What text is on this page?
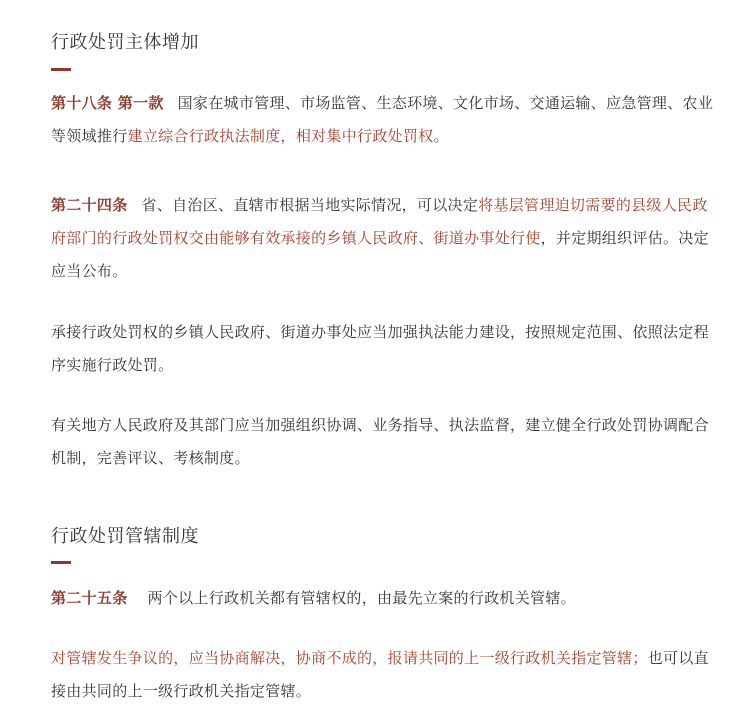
行政处罚主体增加

第十八条 第一款 国家在城市管理、市场监管、生态环境、文化市场、交通运输、应急管理、农业等领域推行建立综合行政执法制度，相对集中行政处罚权。

第二十四条 省、自治区、直辖市根据当地实际情况，可以决定将基层管理迫切需要的县级人民政府部门的行政处罚权交由能够有效承接的乡镇人民政府、街道办事处行使，并定期组织评估。决定应当公布。

承接行政处罚权的乡镇人民政府、街道办事处应当加强执法能力建设，按照规定范围、依照法定程序实施行政处罚。

有关地方人民政府及其部门应当加强组织协调、业务指导、执法监督，建立健全行政处罚协调配合机制，完善评议、考核制度。

行政处罚管辖制度

第二十五条 两个以上行政机关都有管辖权的，由最先立案的行政机关管辖。

对管辖发生争议的，应当协商解决，协商不成的，报请共同的上一级行政机关指定管辖；也可以直接由共同的上一级行政机关指定管辖。
